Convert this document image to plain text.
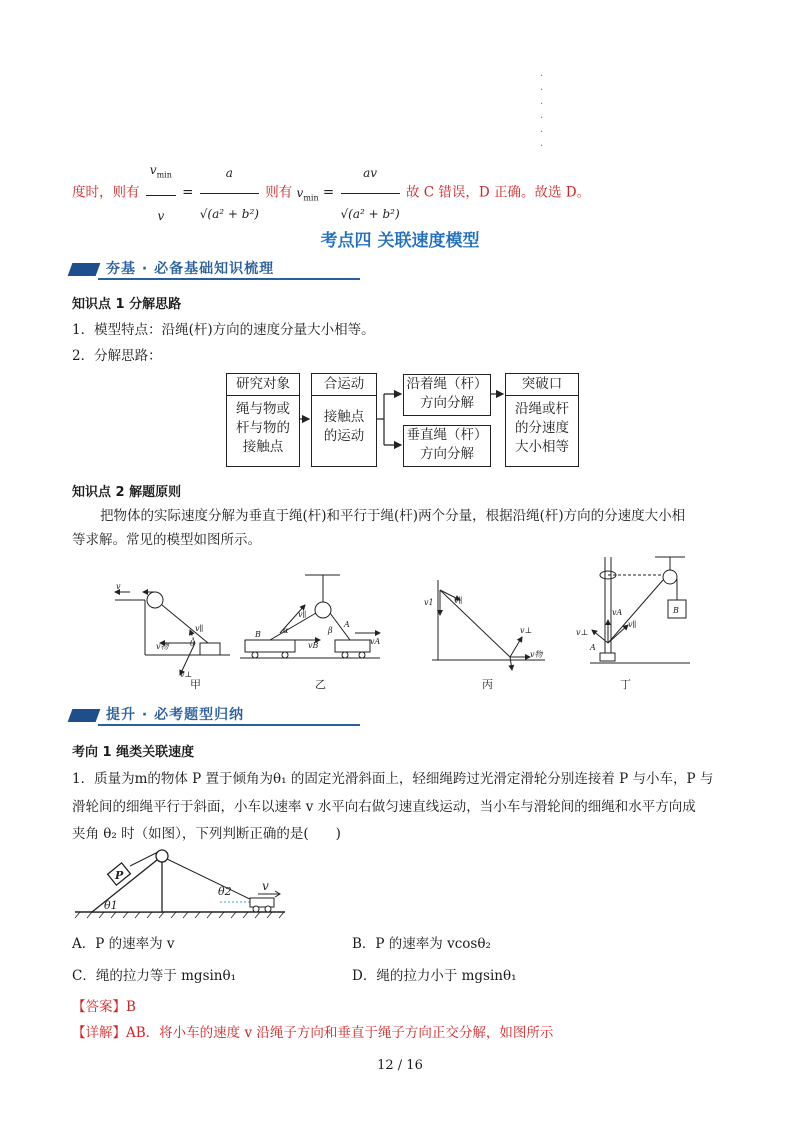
·
·
·
·
·
·
度时，则有 $\frac{v_{min}}{v} = \frac{a}{\text{√(a² + b²)}}$ 则有 $v_{min} = \frac{av}{\text{√(a² + b²)}}$ 故 C 错误，D 正确。故选 D。
考点四 关联速度模型
夯基 · 必备基础知识梳理
知识点 1 分解思路
1．模型特点：沿绳(杆)方向的速度分量大小相等。
2．分解思路：
研究对象
绳与物或
杆与物的
接触点
合运动
接触点
的运动
沿着绳（杆）
方向分解
垂直绳（杆）
方向分解
突破口
沿绳或杆
的分速度
大小相等
知识点 2 解题原则
把物体的实际速度分解为垂直于绳(杆)和平行于绳(杆)两个分量，根据沿绳(杆)方向的分速度大小相
等求解。常见的模型如图所示。
v
v∥
v物	θ
v⊥
甲
B
A
α	β
v∥
vA
vB
乙
v1	v∥
v物
v⊥
丙
B
A
vA
v∥
v⊥
丁
提升 · 必考题型归纳
考向 1 绳类关联速度
1．质量为m的物体 P 置于倾角为θ₁ 的固定光滑斜面上，轻细绳跨过光滑定滑轮分别连接着 P 与小车，P 与
滑轮间的细绳平行于斜面，小车以速率 v 水平向右做匀速直线运动，当小车与滑轮间的细绳和水平方向成
夹角 θ₂ 时（如图），下列判断正确的是(　　)
P
v
θ1
θ2
A．P 的速率为 v	B．P 的速率为 vcosθ₂
C．绳的拉力等于 mgsinθ₁	D．绳的拉力小于 mgsinθ₁
【答案】B
【详解】AB．将小车的速度 v 沿绳子方向和垂直于绳子方向正交分解，如图所示
12 / 16
